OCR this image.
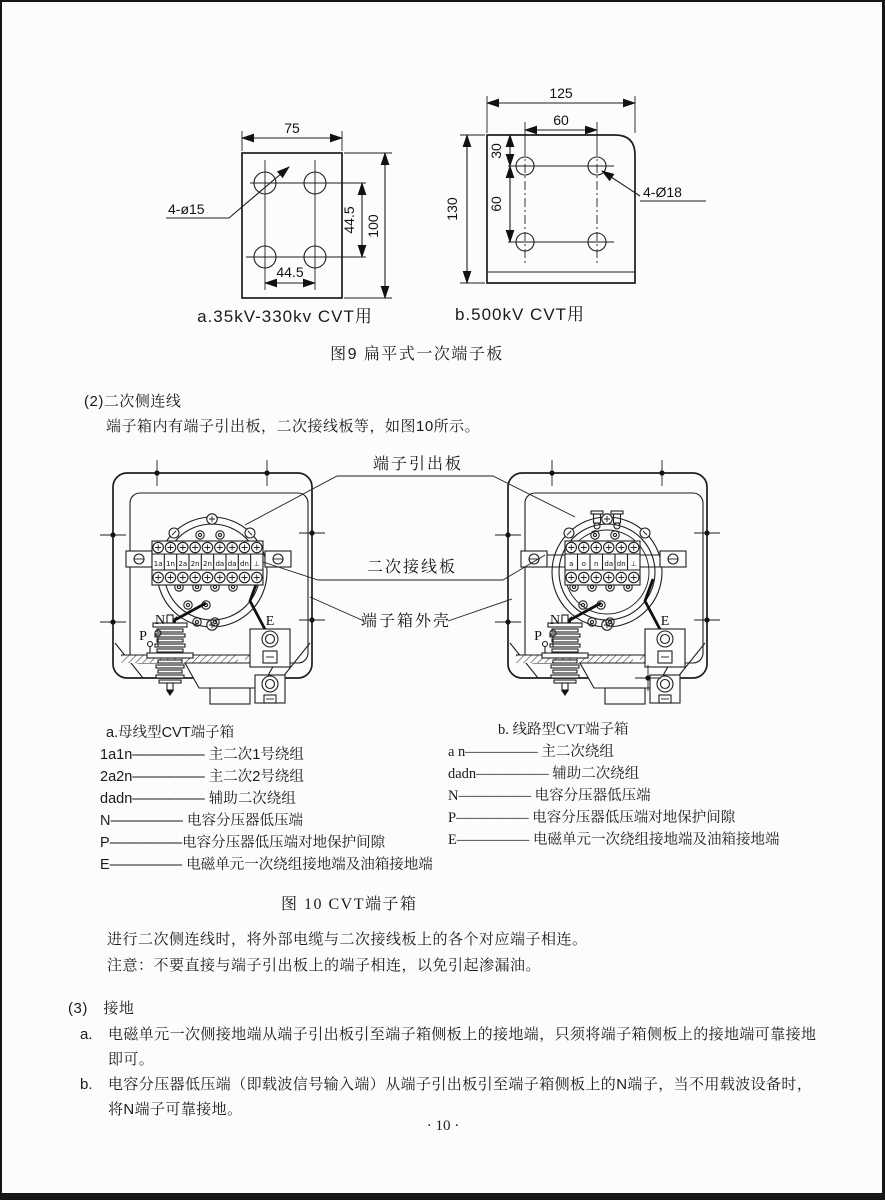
75
100
44.5
44.5
4-ø15
125
60
130
30
60
4-Ø18
a.35kV-330kv CVT用	b.500kV CVT用
图9 扁平式一次端子板
(2)二次侧连线
端子箱内有端子引出板，二次接线板等，如图10所示。
1a 1n 2a 2n 2n da da dn ⊥
N
P
E
a o n da dn ⊥
N
P
E
端子引出板
二次接线板
端子箱外壳
a.母线型CVT端子箱
1a1n————— 主二次1号绕组
2a2n————— 主二次2号绕组
dadn————— 辅助二次绕组
N————— 电容分压器低压端
P—————电容分压器低压端对地保护间隙
E————— 电磁单元一次绕组接地端及油箱接地端
b. 线路型CVT端子箱
a n————— 主二次绕组
dadn————— 辅助二次绕组
N————— 电容分压器低压端
P————— 电容分压器低压端对地保护间隙
E————— 电磁单元一次绕组接地端及油箱接地端
图 10 CVT端子箱
进行二次侧连线时，将外部电缆与二次接线板上的各个对应端子相连。
注意：不要直接与端子引出板上的端子相连，以免引起渗漏油。
(3)　接地
a.	电磁单元一次侧接地端从端子引出板引至端子箱侧板上的接地端，只须将端子箱侧板上的接地端可靠接地即可。
b.	电容分压器低压端（即载波信号输入端）从端子引出板引至端子箱侧板上的N端子，当不用载波设备时，将N端子可靠接地。
· 10 ·
